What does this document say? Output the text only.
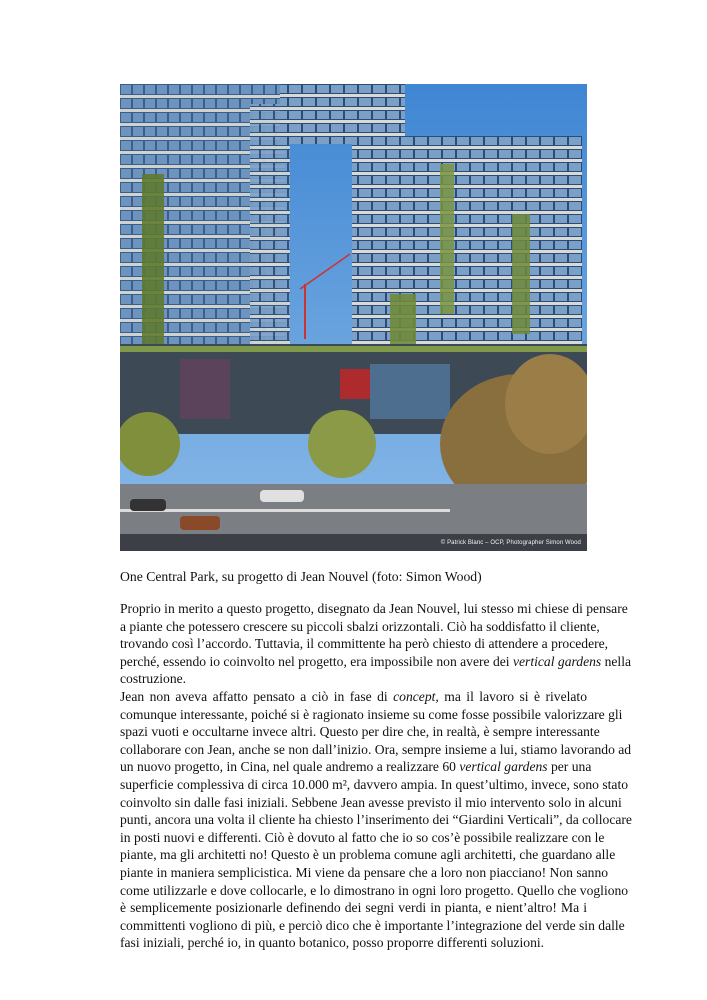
© Patrick Blanc – OCP, Photographer Simon Wood
One Central Park, su progetto di Jean Nouvel (foto: Simon Wood)
Proprio in merito a questo progetto, disegnato da Jean Nouvel, lui stesso mi chiese di pensare
a piante che potessero crescere su piccoli sbalzi orizzontali. Ciò ha soddisfatto il cliente,
trovando così l’accordo. Tuttavia, il committente ha però chiesto di attendere a procedere,
perché, essendo io coinvolto nel progetto, era impossibile non avere dei vertical gardens nella
costruzione.
Jean non aveva affatto pensato a ciò in fase di concept, ma il lavoro si è rivelato
comunque interessante, poiché si è ragionato insieme su come fosse possibile valorizzare gli
spazi vuoti e occultarne invece altri. Questo per dire che, in realtà, è sempre interessante
collaborare con Jean, anche se non dall’inizio. Ora, sempre insieme a lui, stiamo lavorando ad
un nuovo progetto, in Cina, nel quale andremo a realizzare 60 vertical gardens per una
superficie complessiva di circa 10.000 m², davvero ampia. In quest’ultimo, invece, sono stato
coinvolto sin dalle fasi iniziali. Sebbene Jean avesse previsto il mio intervento solo in alcuni
punti, ancora una volta il cliente ha chiesto l’inserimento dei “Giardini Verticali”, da collocare
in posti nuovi e differenti. Ciò è dovuto al fatto che io so cos’è possibile realizzare con le
piante, ma gli architetti no! Questo è un problema comune agli architetti, che guardano alle
piante in maniera semplicistica. Mi viene da pensare che a loro non piacciano! Non sanno
come utilizzarle e dove collocarle, e lo dimostrano in ogni loro progetto. Quello che vogliono
è semplicemente posizionarle definendo dei segni verdi in pianta, e nient’altro! Ma i
committenti vogliono di più, e perciò dico che è importante l’integrazione del verde sin dalle
fasi iniziali, perché io, in quanto botanico, posso proporre differenti soluzioni.
